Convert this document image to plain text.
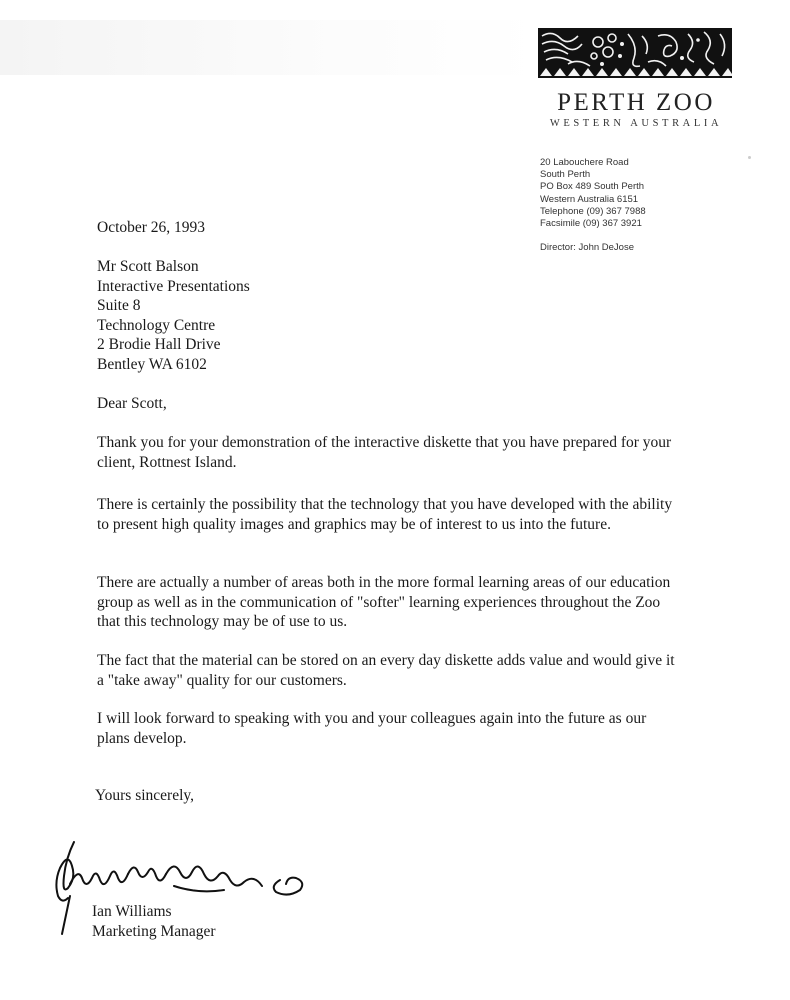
PERTH ZOO
WESTERN AUSTRALIA
20 Labouchere Road
South Perth
PO Box 489 South Perth
Western Australia 6151
Telephone (09) 367 7988
Facsimile (09) 367 3921
Director: John DeJose
October 26, 1993
Mr Scott Balson
Interactive Presentations
Suite 8
Technology Centre
2 Brodie Hall Drive
Bentley WA 6102
Dear Scott,
Thank you for your demonstration of the interactive diskette that you have prepared for your client, Rottnest Island.
There is certainly the possibility that the technology that you have developed with the ability to present high quality images and graphics may be of interest to us into the future.
There are actually a number of areas both in the more formal learning areas of our education group as well as in the communication of "softer" learning experiences throughout the Zoo that this technology may be of use to us.
The fact that the material can be stored on an every day diskette adds value and would give it a "take away" quality for our customers.
I will look forward to speaking with you and your colleagues again into the future as our plans develop.
Yours sincerely,
Ian Williams
Marketing Manager
